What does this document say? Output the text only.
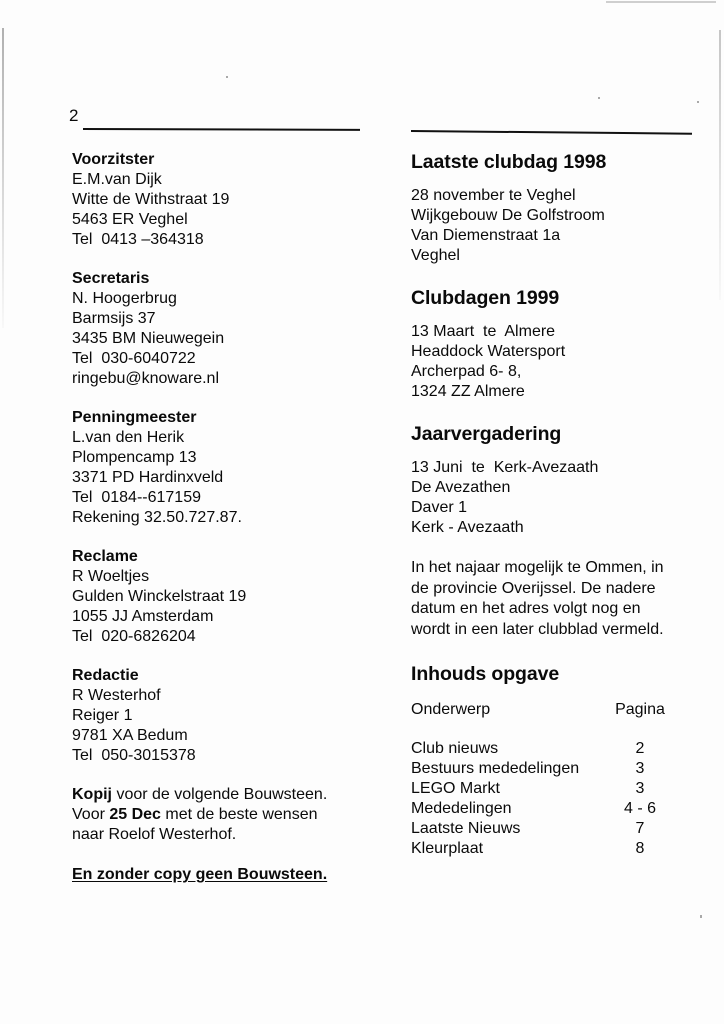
2
Voorzitster
E.M.van Dijk
Witte de Withstraat 19
5463 ER Veghel
Tel  0413 –364318
Secretaris
N. Hoogerbrug
Barmsijs 37
3435 BM Nieuwegein
Tel  030-6040722
ringebu@knoware.nl
Penningmeester
L.van den Herik
Plompencamp 13
3371 PD Hardinxveld
Tel  0184--617159
Rekening 32.50.727.87.
Reclame
R Woeltjes
Gulden Winckelstraat 19
1055 JJ Amsterdam
Tel  020-6826204
Redactie
R Westerhof
Reiger 1
9781 XA Bedum
Tel  050-3015378
Kopij voor de volgende Bouwsteen.
Voor 25 Dec met de beste wensen
naar Roelof Westerhof.
En zonder copy geen Bouwsteen.
Laatste clubdag 1998
28 november te Veghel
Wijkgebouw De Golfstroom
Van Diemenstraat 1a
Veghel
Clubdagen 1999
13 Maart  te  Almere
Headdock Watersport
Archerpad 6- 8,
1324 ZZ Almere
Jaarvergadering
13 Juni  te  Kerk-Avezaath
De Avezathen
Daver 1
Kerk - Avezaath
In het najaar mogelijk te Ommen, in
de provincie Overijssel. De nadere
datum en het adres volgt nog en
wordt in een later clubblad vermeld.
Inhouds opgave
Onderwerp	Pagina
Club nieuws	2
Bestuurs mededelingen	3
LEGO Markt	3
Mededelingen	4 - 6
Laatste Nieuws	7
Kleurplaat	8
